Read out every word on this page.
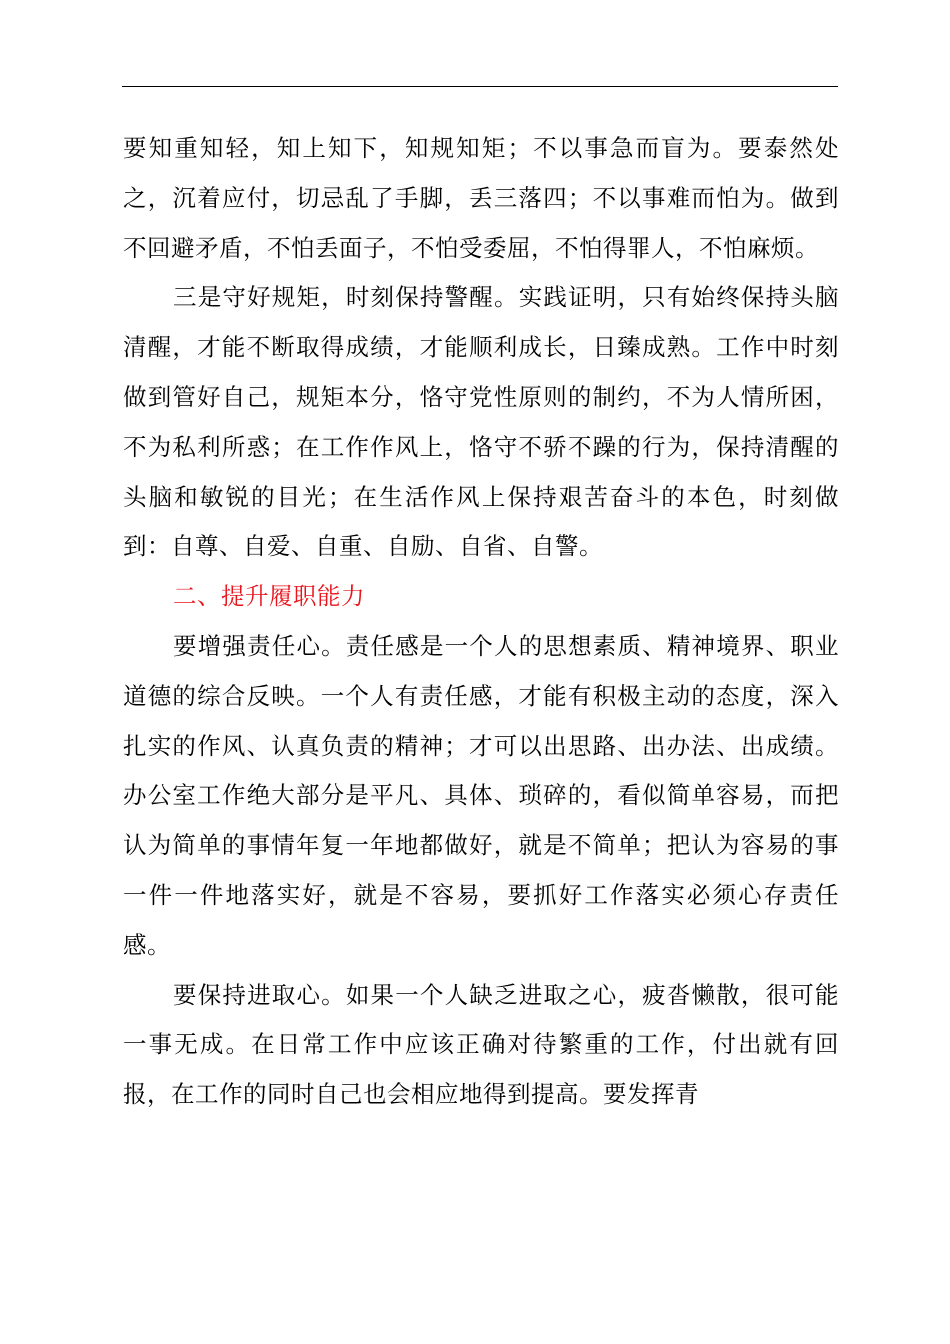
要知重知轻，知上知下，知规知矩；不以事急而盲为。要泰然处之，沉着应付，切忌乱了手脚，丢三落四；不以事难而怕为。做到不回避矛盾，不怕丢面子，不怕受委屈，不怕得罪人，不怕麻烦。

三是守好规矩，时刻保持警醒。实践证明，只有始终保持头脑清醒，才能不断取得成绩，才能顺利成长，日臻成熟。工作中时刻做到管好自己，规矩本分，恪守党性原则的制约，不为人情所困，不为私利所惑；在工作作风上，恪守不骄不躁的行为，保持清醒的头脑和敏锐的目光；在生活作风上保持艰苦奋斗的本色，时刻做到：自尊、自爱、自重、自励、自省、自警。

二、提升履职能力

要增强责任心。责任感是一个人的思想素质、精神境界、职业道德的综合反映。一个人有责任感，才能有积极主动的态度，深入扎实的作风、认真负责的精神；才可以出思路、出办法、出成绩。办公室工作绝大部分是平凡、具体、琐碎的，看似简单容易，而把认为简单的事情年复一年地都做好，就是不简单；把认为容易的事一件一件地落实好，就是不容易，要抓好工作落实必须心存责任感。

要保持进取心。如果一个人缺乏进取之心，疲沓懒散，很可能一事无成。在日常工作中应该正确对待繁重的工作，付出就有回报，在工作的同时自己也会相应地得到提高。要发挥青
